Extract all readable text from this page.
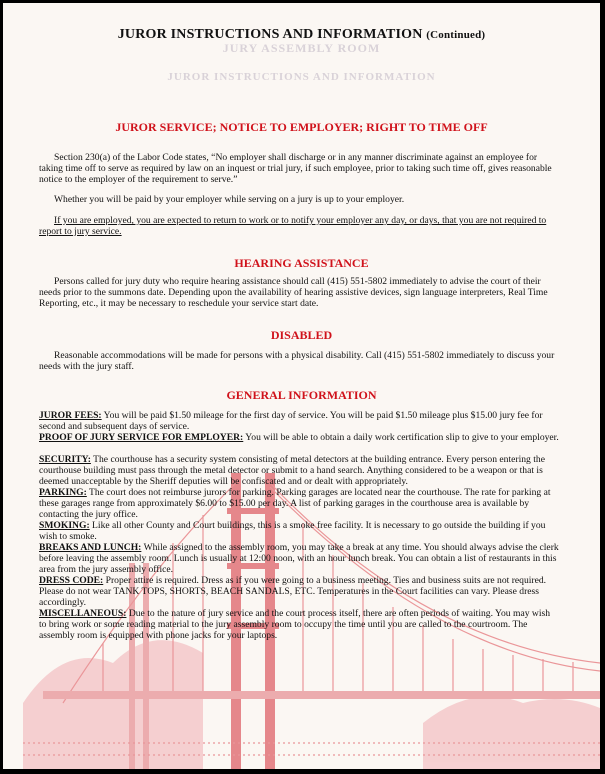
JURY ASSEMBLY ROOM
JUROR INSTRUCTIONS AND INFORMATION
JUROR INSTRUCTIONS AND INFORMATION (Continued)
JUROR SERVICE; NOTICE TO EMPLOYER; RIGHT TO TIME OFF
Section 230(a) of the Labor Code states, “No employer shall discharge or in any manner discriminate against an employee for taking time off to serve as required by law on an inquest or trial jury, if such employee, prior to taking such time off, gives reasonable notice to the employer of the requirement to serve.”
Whether you will be paid by your employer while serving on a jury is up to your employer.
If you are employed, you are expected to return to work or to notify your employer any day, or days, that you are not required to report to jury service.
HEARING ASSISTANCE
Persons called for jury duty who require hearing assistance should call (415) 551-5802 immediately to advise the court of their needs prior to the summons date. Depending upon the availability of hearing assistive devices, sign language interpreters, Real Time Reporting, etc., it may be necessary to reschedule your service start date.
DISABLED
Reasonable accommodations will be made for persons with a physical disability. Call (415) 551-5802 immediately to discuss your needs with the jury staff.
GENERAL INFORMATION
JUROR FEES: You will be paid $1.50 mileage for the first day of service. You will be paid $1.50 mileage plus $15.00 jury fee for second and subsequent days of service.
PROOF OF JURY SERVICE FOR EMPLOYER: You will be able to obtain a daily work certification slip to give to your employer.
SECURITY: The courthouse has a security system consisting of metal detectors at the building entrance. Every person entering the courthouse building must pass through the metal detector or submit to a hand search. Anything considered to be a weapon or that is deemed unacceptable by the Sheriff deputies will be confiscated and or dealt with appropriately.
PARKING: The court does not reimburse jurors for parking. Parking garages are located near the courthouse. The rate for parking at these garages range from approximately $6.00 to $15.00 per day. A list of parking garages in the courthouse area is available by contacting the jury office.
SMOKING: Like all other County and Court buildings, this is a smoke free facility. It is necessary to go outside the building if you wish to smoke.
BREAKS AND LUNCH: While assigned to the assembly room, you may take a break at any time. You should always advise the clerk before leaving the assembly room. Lunch is usually at 12:00 noon, with an hour lunch break. You can obtain a list of restaurants in this area from the jury assembly office.
DRESS CODE: Proper attire is required. Dress as if you were going to a business meeting. Ties and business suits are not required. Please do not wear TANK TOPS, SHORTS, BEACH SANDALS, ETC. Temperatures in the Court facilities can vary. Please dress accordingly.
MISCELLANEOUS: Due to the nature of jury service and the court process itself, there are often periods of waiting. You may wish to bring work or some reading material to the jury assembly room to occupy the time until you are called to the courtroom. The assembly room is equipped with phone jacks for your laptops.
